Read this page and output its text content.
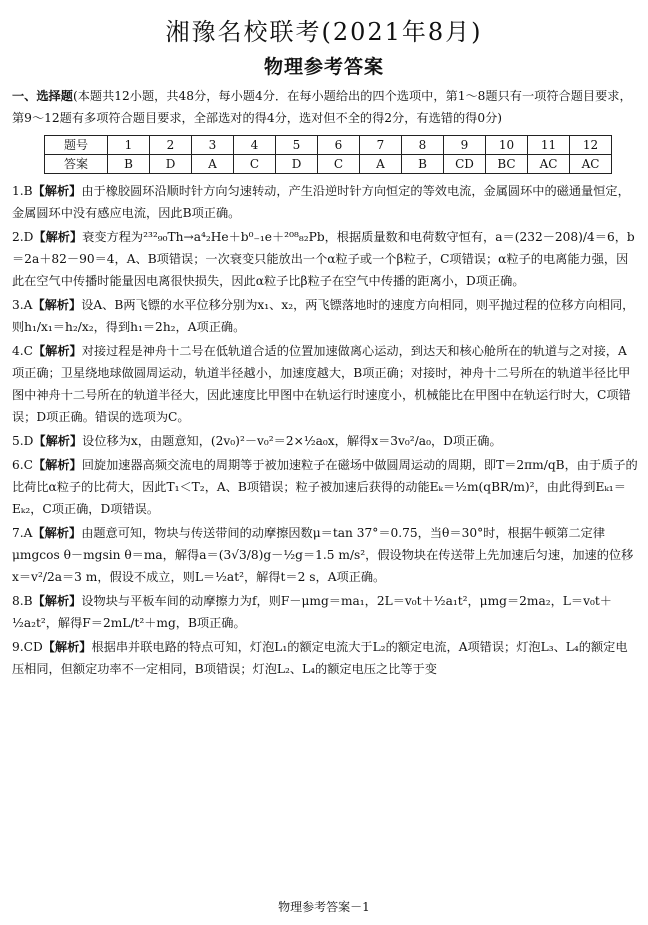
湘豫名校联考(2021年8月)
物理参考答案

一、选择题(本题共12小题，共48分，每小题4分．在每小题给出的四个选项中，第1～8题只有一项符合题目要求，第9～12题有多项符合题目要求，全部选对的得4分，选对但不全的得2分，有选错的得0分)

题号	1	2	3	4	5	6	7	8	9	10	11	12
答案	B	D	A	C	D	C	A	B	CD	BC	AC	AC

1.B【解析】由于橡胶圆环沿顺时针方向匀速转动，产生沿逆时针方向恒定的等效电流，金属圆环中的磁通量恒定，金属圆环中没有感应电流，因此B项正确。

2.D【解析】衰变方程为²³²₉₀Th→a⁴₂He＋b⁰₋₁e＋²⁰⁸₈₂Pb，根据质量数和电荷数守恒有，a＝(232－208)/4＝6，b＝2a＋82－90＝4，A、B项错误；一次衰变只能放出一个α粒子或一个β粒子，C项错误；α粒子的电离能力强，因此在空气中传播时能量因电离很快损失，因此α粒子比β粒子在空气中传播的距离小，D项正确。

3.A【解析】设A、B两飞镖的水平位移分别为x₁、x₂，两飞镖落地时的速度方向相同，则平抛过程的位移方向相同，则h₁/x₁＝h₂/x₂，得到h₁＝2h₂，A项正确。

4.C【解析】对接过程是神舟十二号在低轨道合适的位置加速做离心运动，到达天和核心舱所在的轨道与之对接，A项正确；卫星绕地球做圆周运动，轨道半径越小，加速度越大，B项正确；对接时，神舟十二号所在的轨道半径比甲图中神舟十二号所在的轨道半径大，因此速度比甲图中在轨运行时速度小，机械能比在甲图中在轨运行时大，C项错误；D项正确。错误的选项为C。

5.D【解析】设位移为x，由题意知，(2v₀)²－v₀²＝2×½a₀x，解得x＝3v₀²/a₀，D项正确。

6.C【解析】回旋加速器高频交流电的周期等于被加速粒子在磁场中做圆周运动的周期，即T＝2πm/qB，由于质子的比荷比α粒子的比荷大，因此T₁＜T₂，A、B项错误；粒子被加速后获得的动能Eₖ＝½m(qBR/m)²，由此得到Eₖ₁＝Eₖ₂，C项正确，D项错误。

7.A【解析】由题意可知，物块与传送带间的动摩擦因数μ＝tan 37°＝0.75，当θ＝30°时，根据牛顿第二定律μmgcos θ－mgsin θ＝ma，解得a＝(3√3/8)g－½g＝1.5 m/s²，假设物块在传送带上先加速后匀速，加速的位移x＝v²/2a＝3 m，假设不成立，则L＝½at²，解得t＝2 s，A项正确。

8.B【解析】设物块与平板车间的动摩擦力为f，则F－μmg＝ma₁，2L＝v₀t＋½a₁t²，μmg＝2ma₂，L＝v₀t＋½a₂t²，解得F＝2mL/t²＋mg，B项正确。

9.CD【解析】根据串并联电路的特点可知，灯泡L₁的额定电流大于L₂的额定电流，A项错误；灯泡L₃、L₄的额定电压相同，但额定功率不一定相同，B项错误；灯泡L₂、L₄的额定电压之比等于变

物理参考答案－1
